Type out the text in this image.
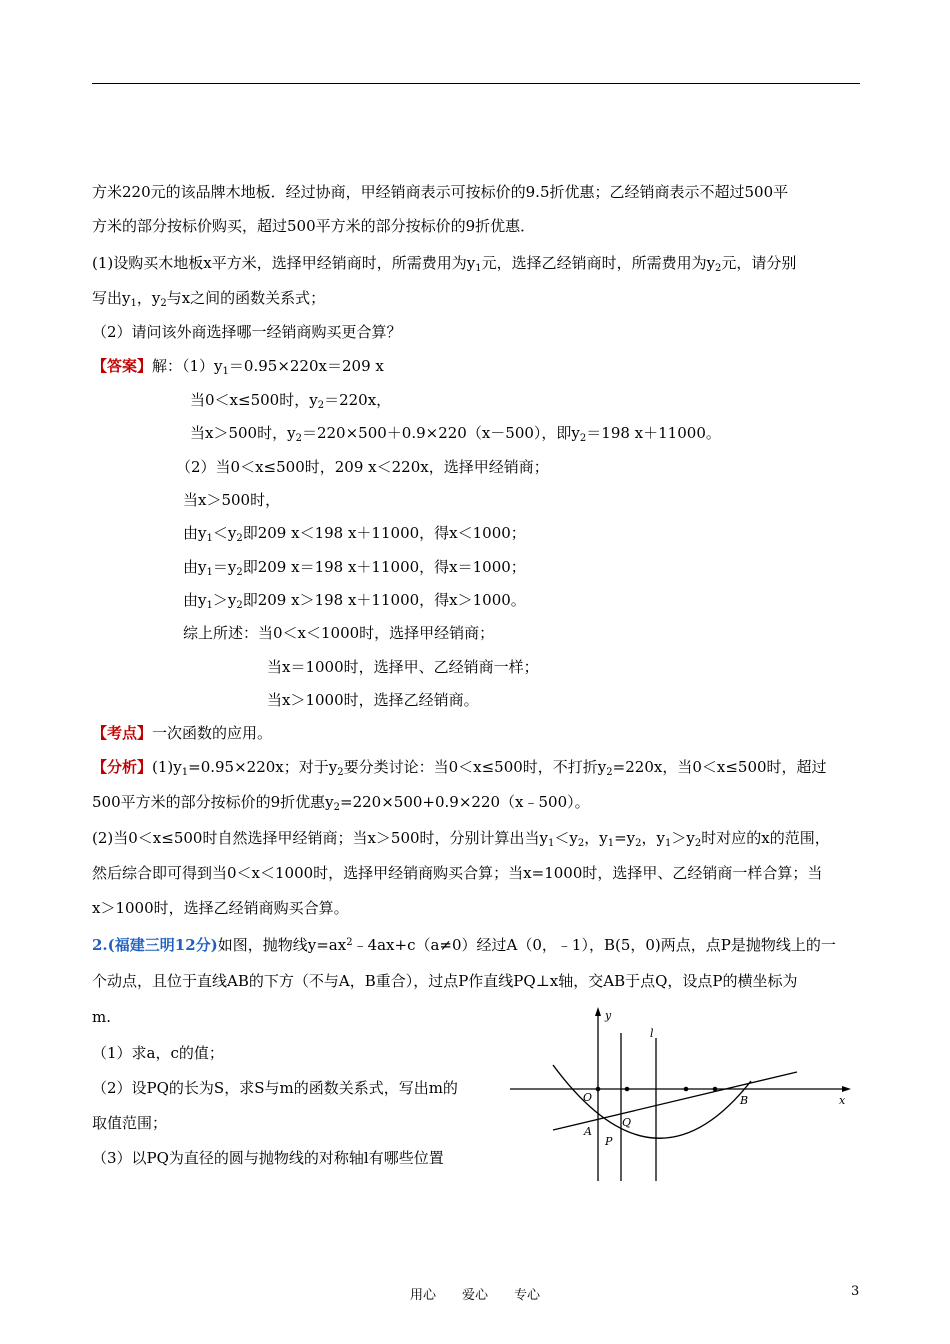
方米220元的该品牌木地板．经过协商，甲经销商表示可按标价的9.5折优惠；乙经销商表示不超过500平
方米的部分按标价购买，超过500平方米的部分按标价的9折优惠．
(1)设购买木地板x平方米，选择甲经销商时，所需费用为$y_1$元，选择乙经销商时，所需费用为$y_2$元，请分别
写出$y_1$，$y_2$与x之间的函数关系式；
（2）请问该外商选择哪一经销商购买更合算？
【答案】解：$(1)y_1=0.95\times 220x=209$ x
当0＜x≤500时，$y_2=220x$，
当x＞500时，$y_2=220\times 500+0.9\times 220(x-500)$，即$y_2=198$ x＋11000。
（2）当0＜x≤500时，209 x＜220x，选择甲经销商；
当x＞500时，
由$y_1<y_2$即209 x＜198 x＋11000，得x＜1000；
由$y_1=y_2$即209 x＝198 x＋11000，得x＝1000；
由$y_1>y_2$即209 x＞198 x＋11000，得x＞1000。
综上所述：当0＜x＜1000时，选择甲经销商；
当x＝1000时，选择甲、乙经销商一样；
当x＞1000时，选择乙经销商。
【考点】一次函数的应用。
【分析】$(1)y_1=0.95\times 220x$；对于$y_2$要分类讨论：当0＜x≤500时，不打折$y_2=220x$，当0＜x≤500时，超过
500平方米的部分按标价的9折优惠$y_2=220\times 500+0.9\times 220(x﹣500)$。
(2)当0＜x≤500时自然选择甲经销商；当x＞500时，分别计算出当$y_1<y_2$，$y_1=y_2$，$y_1>y_2$时对应的x的范围，
然后综合即可得到当0＜x＜1000时，选择甲经销商购买合算；当x=1000时，选择甲、乙经销商一样合算；当
x＞1000时，选择乙经销商购买合算。
2.(福建三明12分)如图，抛物线$y=ax^2﹣4ax+c(a\ne 0)$经过A（0，﹣1），B(5，0)两点，点P是抛物线上的一
个动点，且位于直线AB的下方（不与A，B重合），过点P作直线PQ⊥x轴，交AB于点Q，设点P的横坐标为
m.
（1）求a，c的值；
（2）设PQ的长为S，求S与m的函数关系式，写出m的
取值范围；
（3）以PQ为直径的圆与抛物线的对称轴l有哪些位置
y
l
O	B	x
A
Q
P
用心　　爱心　　专心	3
